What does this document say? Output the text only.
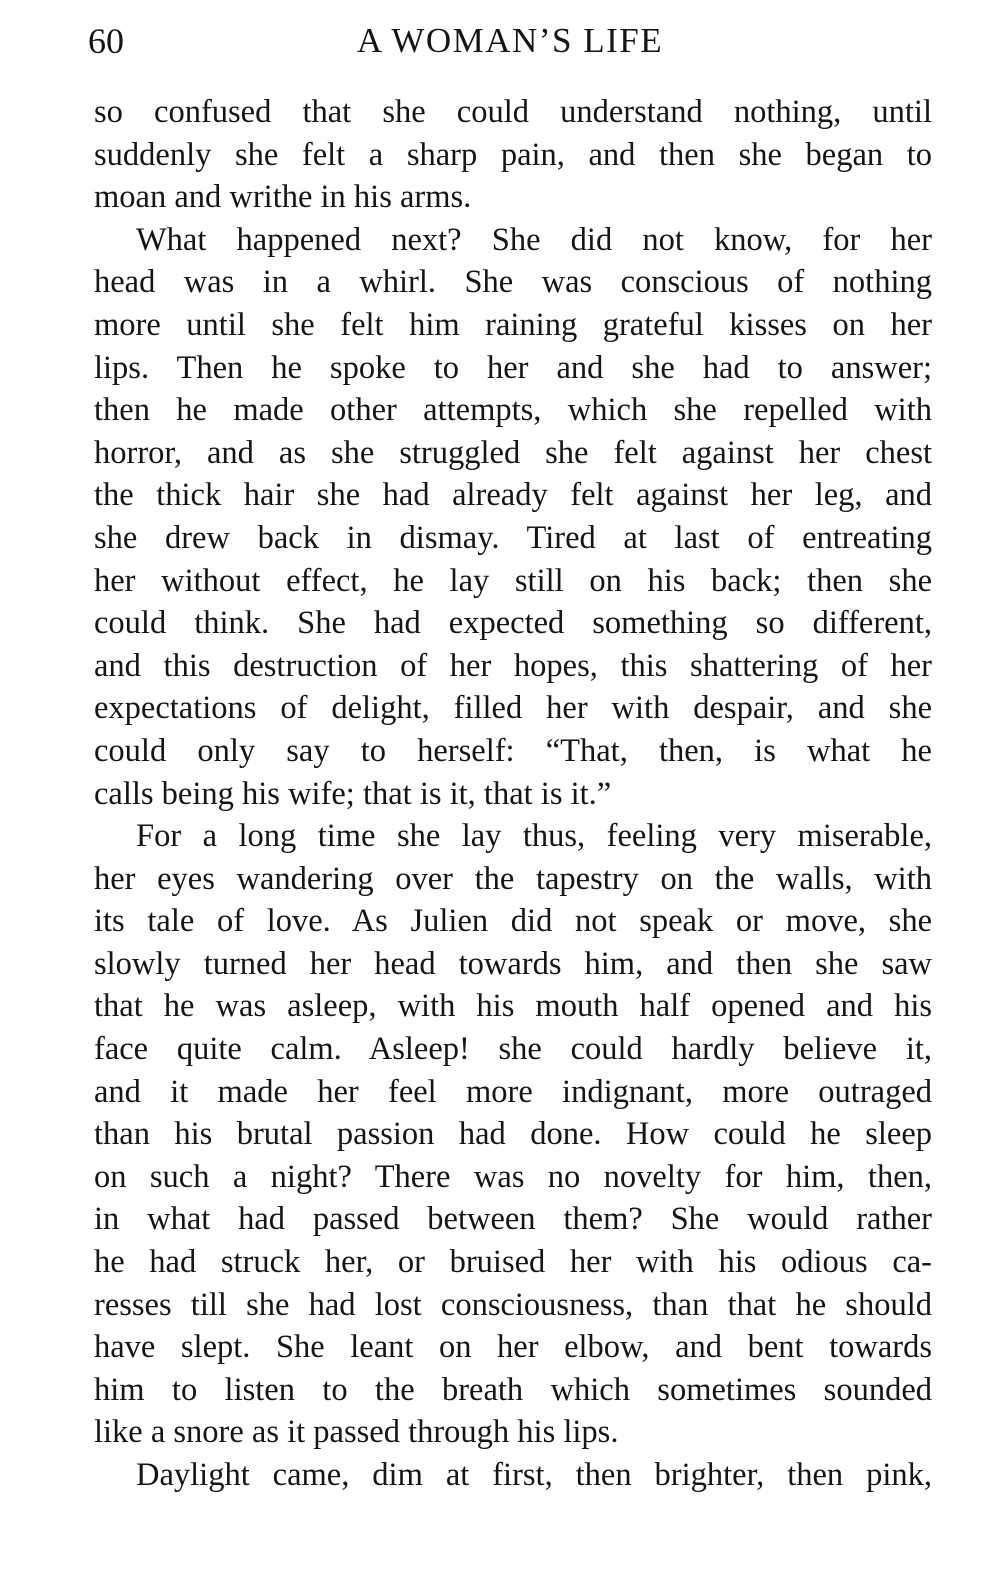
60	A WOMAN’S LIFE
so confused that she could understand nothing, until
suddenly she felt a sharp pain, and then she began to
moan and writhe in his arms.
What happened next? She did not know, for her
head was in a whirl. She was conscious of nothing
more until she felt him raining grateful kisses on her
lips. Then he spoke to her and she had to answer;
then he made other attempts, which she repelled with
horror, and as she struggled she felt against her chest
the thick hair she had already felt against her leg, and
she drew back in dismay. Tired at last of entreating
her without effect, he lay still on his back; then she
could think. She had expected something so different,
and this destruction of her hopes, this shattering of her
expectations of delight, filled her with despair, and she
could only say to herself: “That, then, is what he
calls being his wife; that is it, that is it.”
For a long time she lay thus, feeling very miserable,
her eyes wandering over the tapestry on the walls, with
its tale of love. As Julien did not speak or move, she
slowly turned her head towards him, and then she saw
that he was asleep, with his mouth half opened and his
face quite calm. Asleep! she could hardly believe it,
and it made her feel more indignant, more outraged
than his brutal passion had done. How could he sleep
on such a night? There was no novelty for him, then,
in what had passed between them? She would rather
he had struck her, or bruised her with his odious ca-
resses till she had lost consciousness, than that he should
have slept. She leant on her elbow, and bent towards
him to listen to the breath which sometimes sounded
like a snore as it passed through his lips.
Daylight came, dim at first, then brighter, then pink,
